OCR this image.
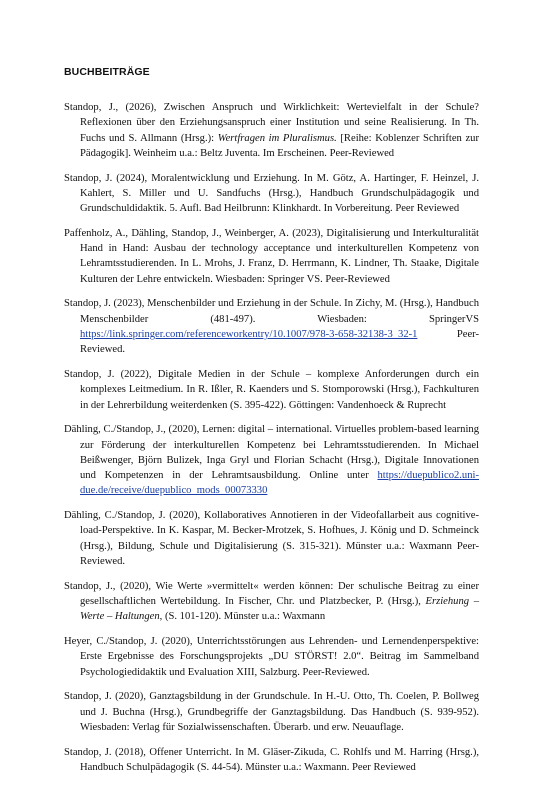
BUCHBEITRÄGE

Standop, J., (2026), Zwischen Anspruch und Wirklichkeit: Wertevielfalt in der Schule? Reflexionen über den Erziehungsanspruch einer Institution und seine Realisierung. In Th. Fuchs und S. Allmann (Hrsg.): Wertfragen im Pluralismus. [Reihe: Koblenzer Schriften zur Pädagogik]. Weinheim u.a.: Beltz Juventa. Im Erscheinen. Peer-Reviewed

Standop, J. (2024), Moralentwicklung und Erziehung. In M. Götz, A. Hartinger, F. Heinzel, J. Kahlert, S. Miller und U. Sandfuchs (Hrsg.), Handbuch Grundschulpädagogik und Grundschuldidaktik. 5. Aufl. Bad Heilbrunn: Klinkhardt. In Vorbereitung. Peer Reviewed

Paffenholz, A., Dähling, Standop, J., Weinberger, A. (2023), Digitalisierung und Interkulturalität Hand in Hand: Ausbau der technology acceptance und interkulturellen Kompetenz von Lehramtsstudierenden. In L. Mrohs, J. Franz, D. Herrmann, K. Lindner, Th. Staake, Digitale Kulturen der Lehre entwickeln. Wiesbaden: Springer VS. Peer-Reviewed

Standop, J. (2023), Menschenbilder und Erziehung in der Schule. In Zichy, M. (Hrsg.), Handbuch Menschenbilder (481-497). Wiesbaden: SpringerVS https://link.springer.com/referenceworkentry/10.1007/978-3-658-32138-3_32-1 Peer-Reviewed.

Standop, J. (2022), Digitale Medien in der Schule – komplexe Anforderungen durch ein komplexes Leitmedium. In R. Ißler, R. Kaenders und S. Stomporowski (Hrsg.), Fachkulturen in der Lehrerbildung weiterdenken (S. 395-422). Göttingen: Vandenhoeck & Ruprecht

Dähling, C./Standop, J., (2020), Lernen: digital – international. Virtuelles problem-based learning zur Förderung der interkulturellen Kompetenz bei Lehramtsstudierenden. In Michael Beißwenger, Björn Bulizek, Inga Gryl und Florian Schacht (Hrsg.), Digitale Innovationen und Kompetenzen in der Lehramtsausbildung. Online unter https://duepublico2.uni-due.de/receive/duepublico_mods_00073330

Dähling, C./Standop, J. (2020), Kollaboratives Annotieren in der Videofallarbeit aus cognitive-load-Perspektive. In K. Kaspar, M. Becker-Mrotzek, S. Hofhues, J. König und D. Schmeinck (Hrsg.), Bildung, Schule und Digitalisierung (S. 315-321). Münster u.a.: Waxmann Peer-Reviewed.

Standop, J., (2020), Wie Werte »vermittelt« werden können: Der schulische Beitrag zu einer gesellschaftlichen Wertebildung. In Fischer, Chr. und Platzbecker, P. (Hrsg.), Erziehung – Werte – Haltungen, (S. 101-120). Münster u.a.: Waxmann

Heyer, C./Standop, J. (2020), Unterrichtsstörungen aus Lehrenden- und Lernendenperspektive: Erste Ergebnisse des Forschungsprojekts „DU STÖRST! 2.0“. Beitrag im Sammelband Psychologiedidaktik und Evaluation XIII, Salzburg. Peer-Reviewed.

Standop, J. (2020), Ganztagsbildung in der Grundschule. In H.-U. Otto, Th. Coelen, P. Bollweg und J. Buchna (Hrsg.), Grundbegriffe der Ganztagsbildung. Das Handbuch (S. 939-952). Wiesbaden: Verlag für Sozialwissenschaften. Überarb. und erw. Neuauflage.

Standop, J. (2018), Offener Unterricht. In M. Gläser-Zikuda, C. Rohlfs und M. Harring (Hrsg.), Handbuch Schulpädagogik (S. 44-54). Münster u.a.: Waxmann. Peer Reviewed
